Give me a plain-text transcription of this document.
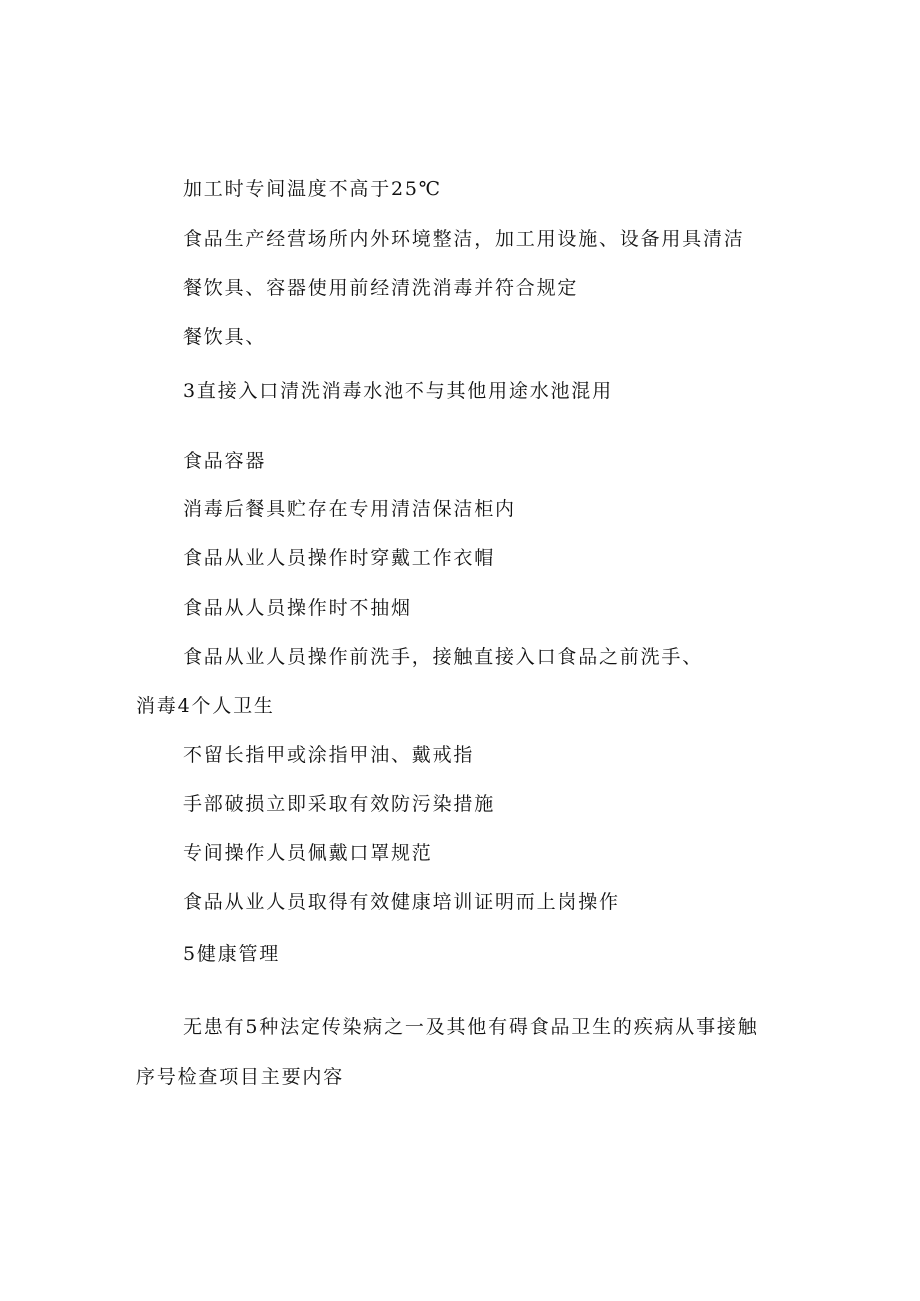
加工时专间温度不高于25℃

食品生产经营场所内外环境整洁，加工用设施、设备用具清洁

餐饮具、容器使用前经清洗消毒并符合规定

餐饮具、

3直接入口清洗消毒水池不与其他用途水池混用

食品容器

消毒后餐具贮存在专用清洁保洁柜内

食品从业人员操作时穿戴工作衣帽

食品从人员操作时不抽烟

食品从业人员操作前洗手，接触直接入口食品之前洗手、

消毒4个人卫生

不留长指甲或涂指甲油、戴戒指

手部破损立即采取有效防污染措施

专间操作人员佩戴口罩规范

食品从业人员取得有效健康培训证明而上岗操作

5健康管理

无患有5种法定传染病之一及其他有碍食品卫生的疾病从事接触

序号检查项目主要内容
